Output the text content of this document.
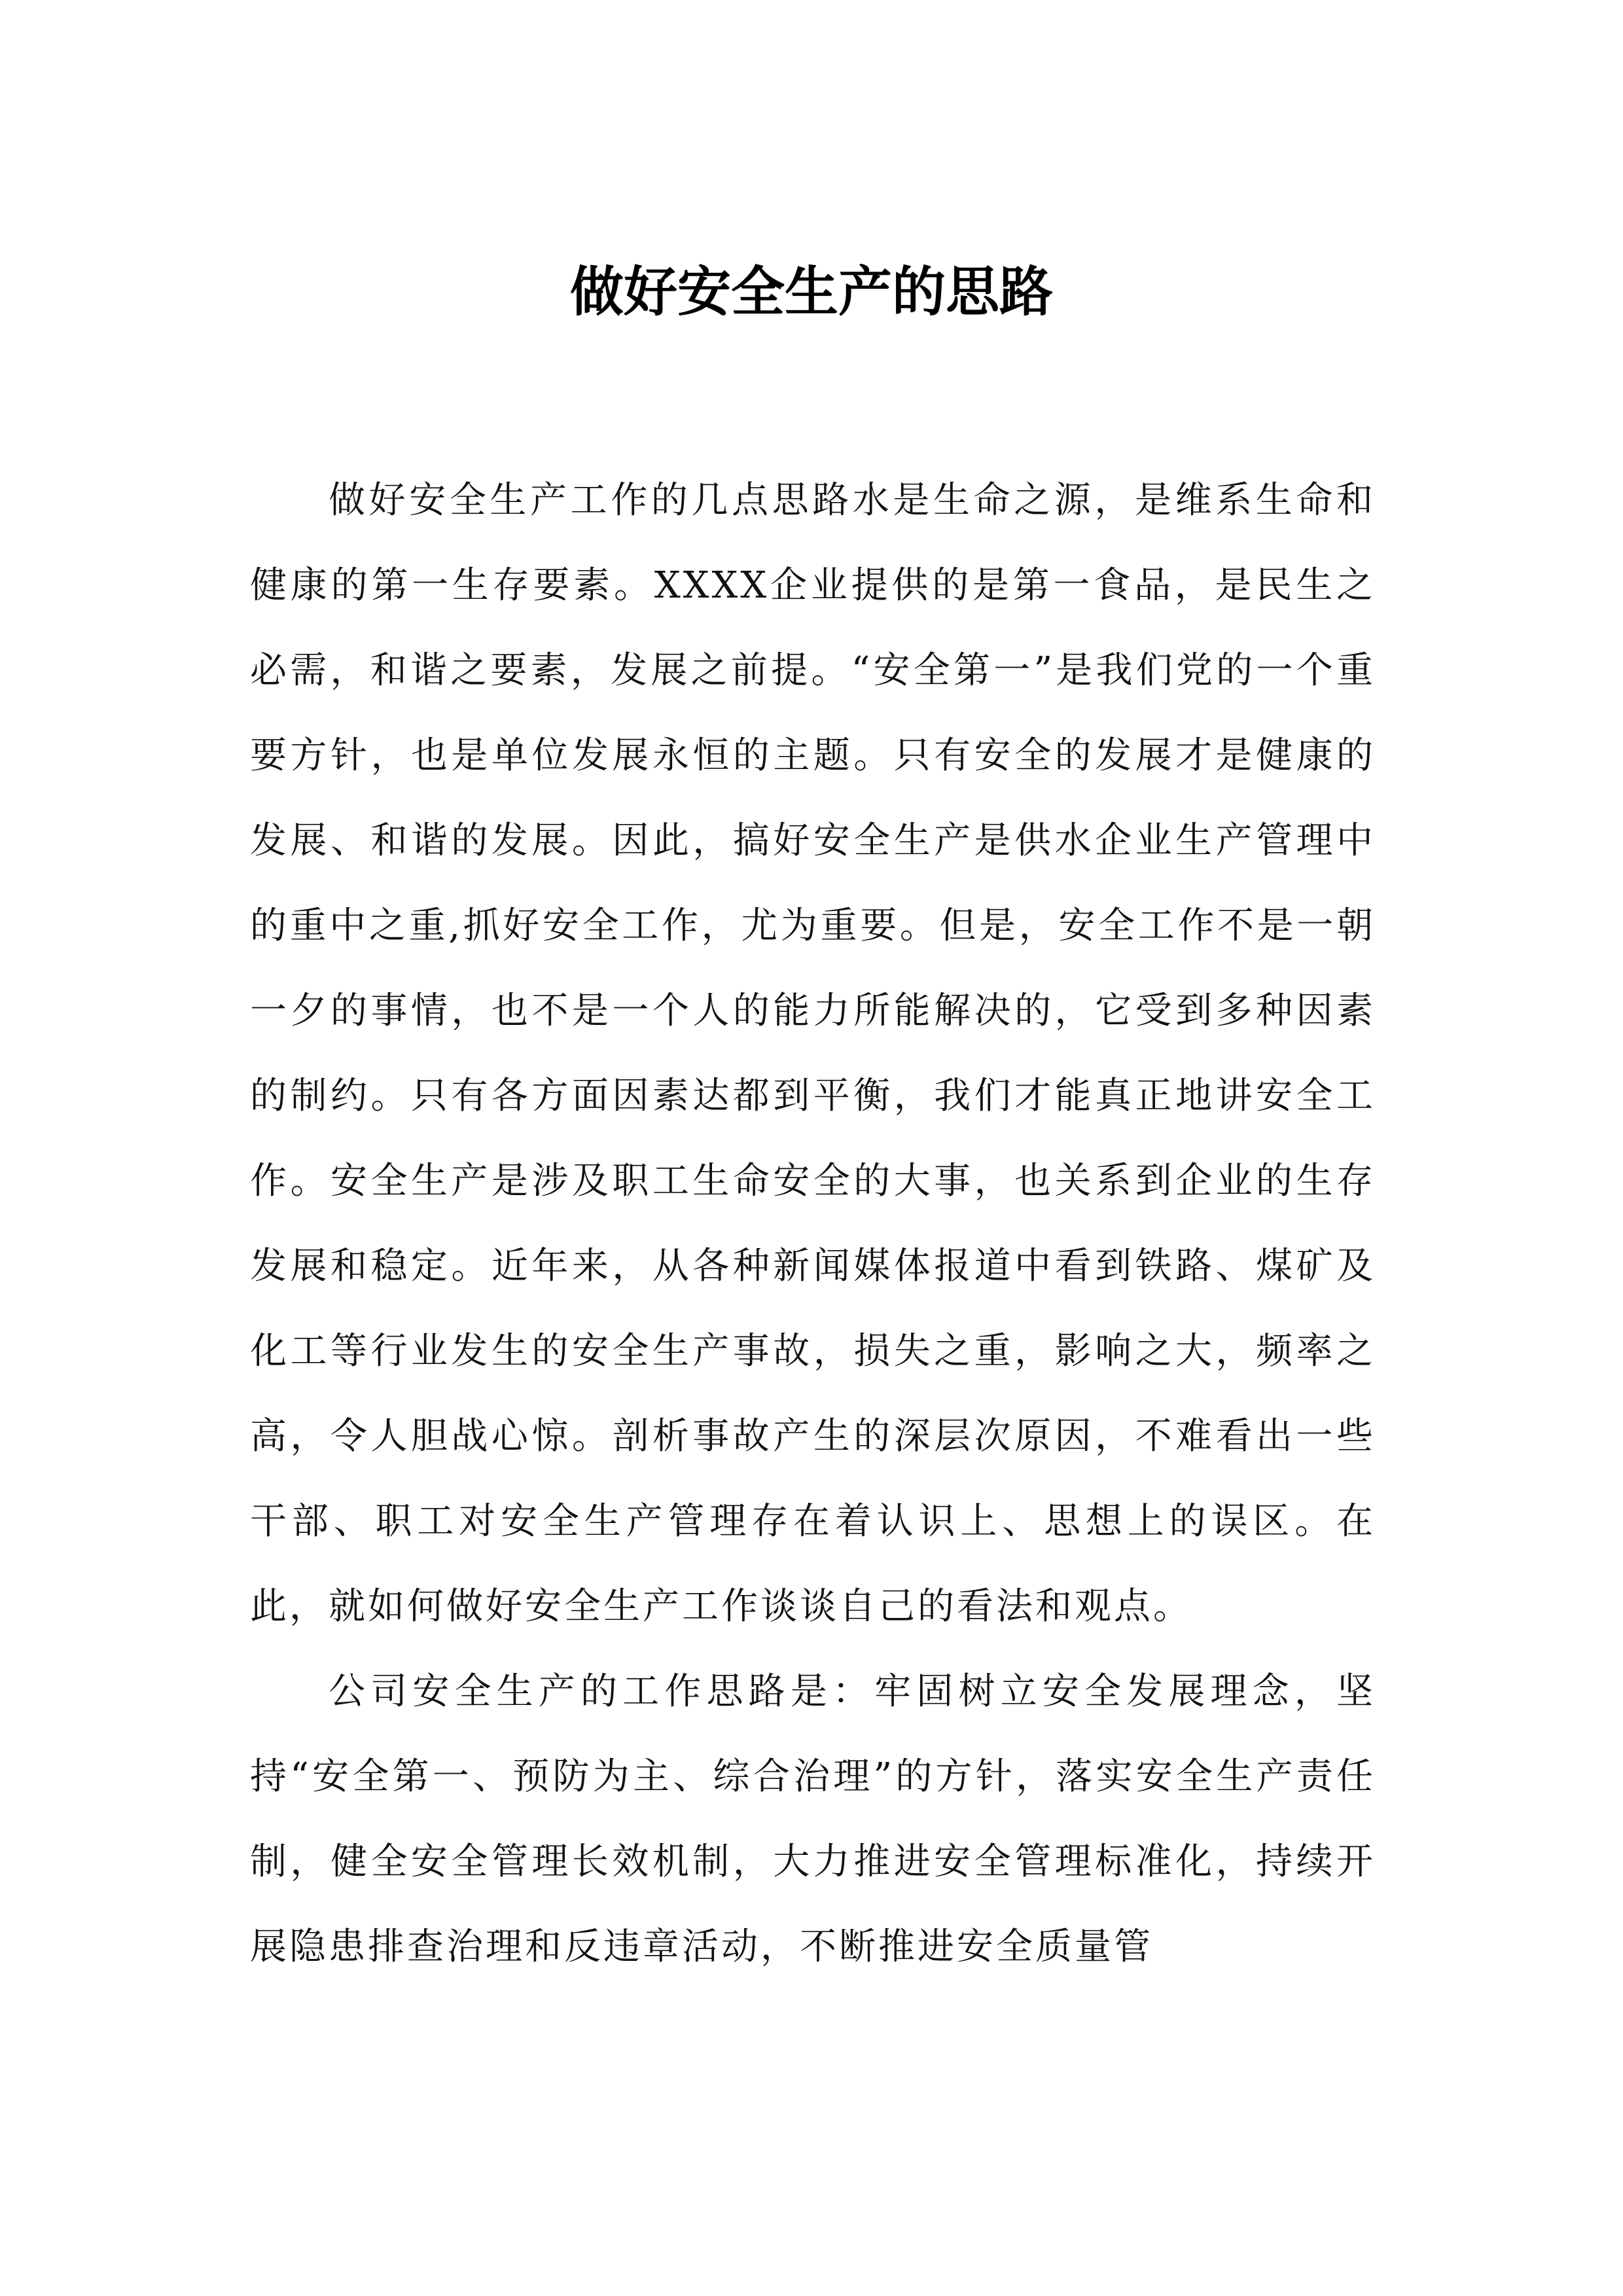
做好安全生产的思路

做好安全生产工作的几点思路水是生命之源，是维系生命和健康的第一生存要素。XXXX企业提供的是第一食品，是民生之必需，和谐之要素，发展之前提。“安全第一”是我们党的一个重要方针，也是单位发展永恒的主题。只有安全的发展才是健康的发展、和谐的发展。因此，搞好安全生产是供水企业生产管理中的重中之重,抓好安全工作，尤为重要。但是，安全工作不是一朝一夕的事情，也不是一个人的能力所能解决的，它受到多种因素的制约。只有各方面因素达都到平衡，我们才能真正地讲安全工作。安全生产是涉及职工生命安全的大事，也关系到企业的生存发展和稳定。近年来，从各种新闻媒体报道中看到铁路、煤矿及化工等行业发生的安全生产事故，损失之重，影响之大，频率之高，令人胆战心惊。剖析事故产生的深层次原因，不难看出一些干部、职工对安全生产管理存在着认识上、思想上的误区。在此，就如何做好安全生产工作谈谈自己的看法和观点。

公司安全生产的工作思路是：牢固树立安全发展理念，坚持“安全第一、预防为主、综合治理”的方针，落实安全生产责任制，健全安全管理长效机制，大力推进安全管理标准化，持续开展隐患排查治理和反违章活动，不断推进安全质量管
